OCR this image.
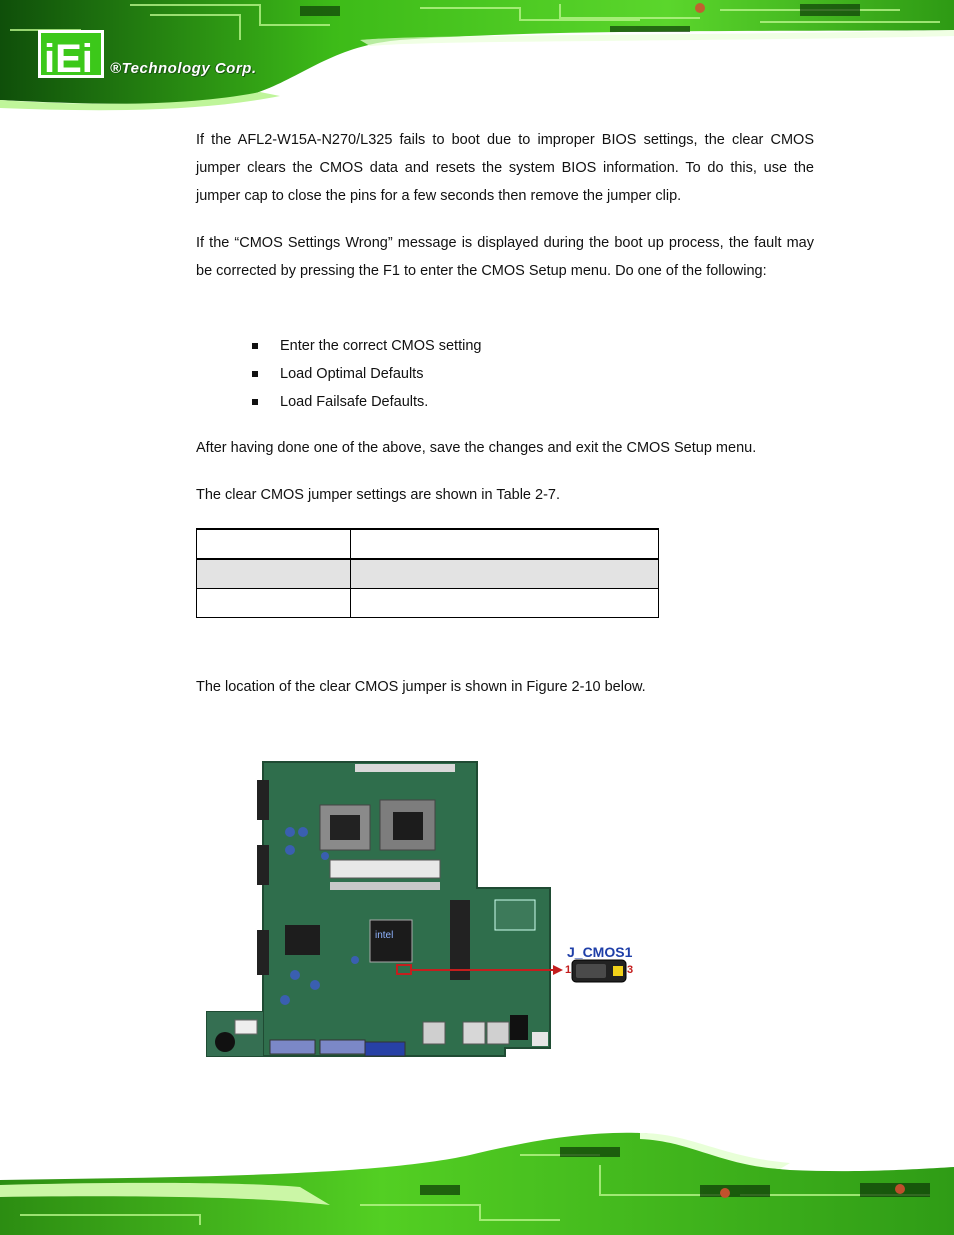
iEi ®Technology Corp.

If the AFL2-W15A-N270/L325 fails to boot due to improper BIOS settings, the clear CMOS jumper clears the CMOS data and resets the system BIOS information. To do this, use the jumper cap to close the pins for a few seconds then remove the jumper clip.

If the “CMOS Settings Wrong” message is displayed during the boot up process, the fault may be corrected by pressing the F1 to enter the CMOS Setup menu. Do one of the following:

Enter the correct CMOS setting
Load Optimal Defaults
Load Failsafe Defaults.

After having done one of the above, save the changes and exit the CMOS Setup menu.

The clear CMOS jumper settings are shown in Table 2-7.

The location of the clear CMOS jumper is shown in Figure 2-10 below.

intel
J_CMOS1
1	3
